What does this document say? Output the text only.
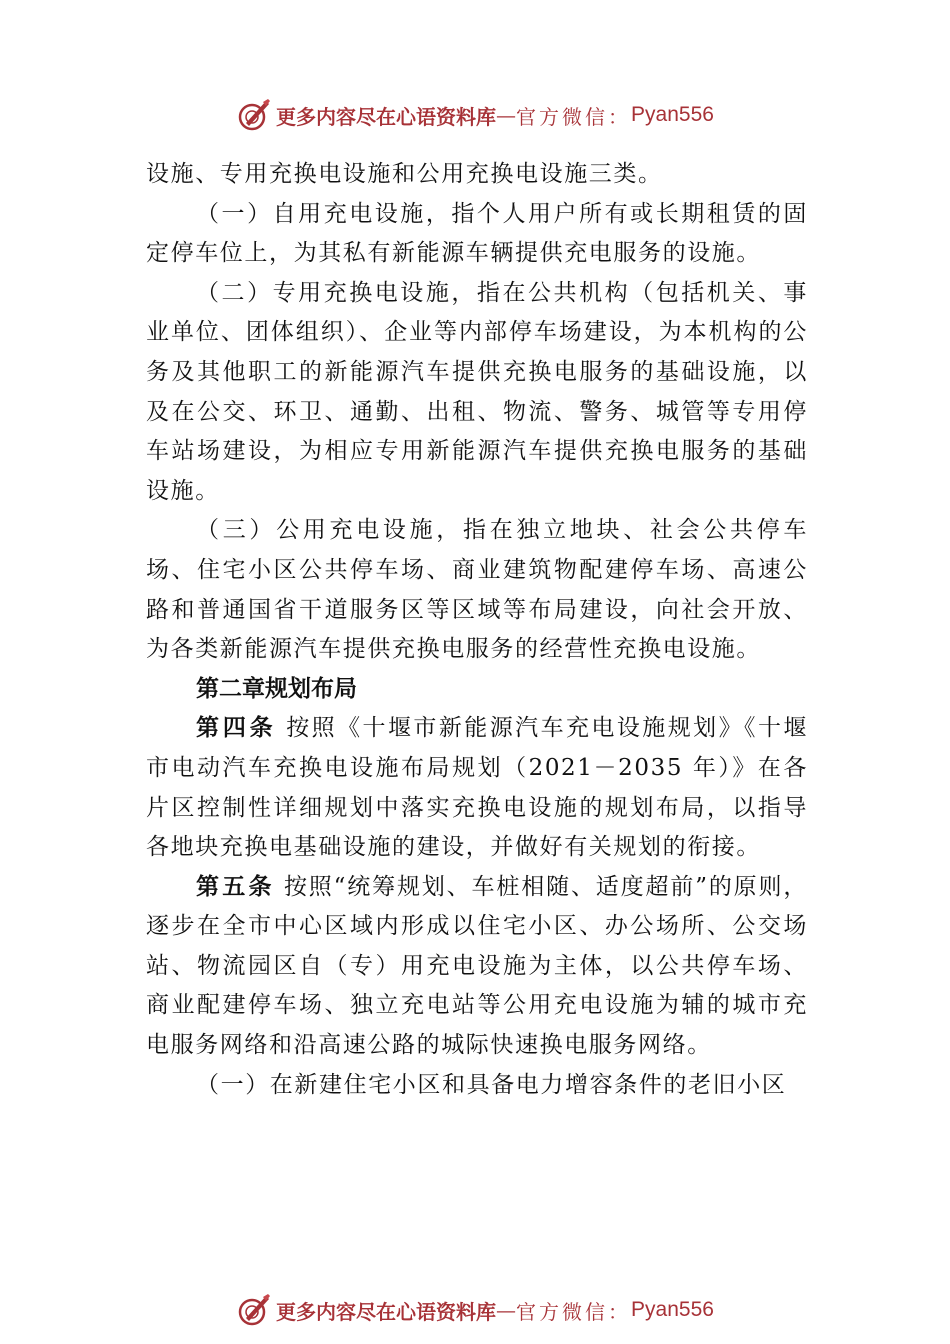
更多内容尽在心语资料库 — 官方微信： Pyan556

设施、专用充换电设施和公用充换电设施三类。

（一）自用充电设施，指个人用户所有或长期租赁的固定停车位上，为其私有新能源车辆提供充电服务的设施。

（二）专用充换电设施，指在公共机构（包括机关、事业单位、团体组织）、企业等内部停车场建设，为本机构的公务及其他职工的新能源汽车提供充换电服务的基础设施，以及在公交、环卫、通勤、出租、物流、警务、城管等专用停车站场建设，为相应专用新能源汽车提供充换电服务的基础设施。

（三）公用充电设施，指在独立地块、社会公共停车场、住宅小区公共停车场、商业建筑物配建停车场、高速公路和普通国省干道服务区等区域等布局建设，向社会开放、为各类新能源汽车提供充换电服务的经营性充换电设施。

第二章规划布局

第四条 按照《十堰市新能源汽车充电设施规划》《十堰市电动汽车充换电设施布局规划（2021－2035 年）》在各片区控制性详细规划中落实充换电设施的规划布局，以指导各地块充换电基础设施的建设，并做好有关规划的衔接。

第五条 按照“统筹规划、车桩相随、适度超前”的原则，逐步在全市中心区域内形成以住宅小区、办公场所、公交场站、物流园区自（专）用充电设施为主体，以公共停车场、商业配建停车场、独立充电站等公用充电设施为辅的城市充电服务网络和沿高速公路的城际快速换电服务网络。

（一）在新建住宅小区和具备电力增容条件的老旧小区

更多内容尽在心语资料库 — 官方微信： Pyan556
